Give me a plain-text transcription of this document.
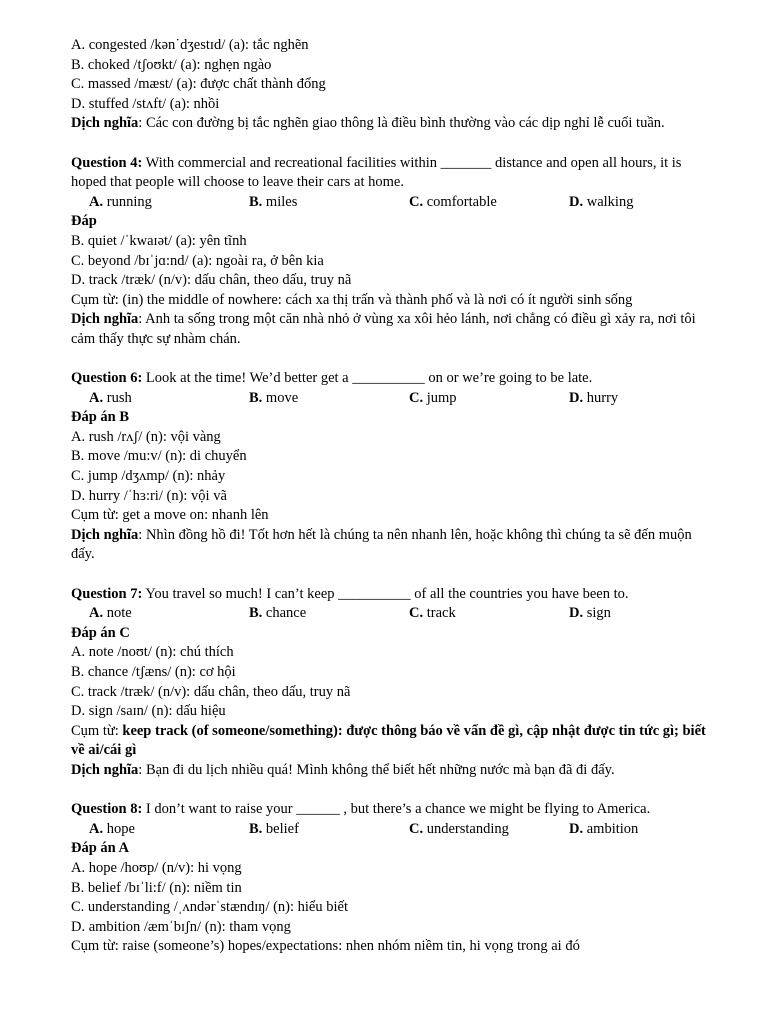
A. congested /kən˙dʒestɪd/ (a): tắc nghẽn
B. choked /tʃoʊkt/ (a): nghẹn ngào
C. massed /mæst/ (a): được chất thành đống
D. stuffed /stʌft/ (a): nhồi
Dịch nghĩa: Các con đường bị tắc nghẽn giao thông là điều bình thường vào các dịp nghỉ lễ cuối tuần.
Question 4: With commercial and recreational facilities within _______ distance and open all hours, it is hoped that people will choose to leave their cars at home.
A. running	B. miles	C. comfortable	D. walking
Đáp
B. quiet /ˈkwaɪət/ (a): yên tĩnh
C. beyond /bɪˈjɑ:nd/ (a): ngoài ra, ở bên kia
D. track /træk/ (n/v): dấu chân, theo dấu, truy nã
Cụm từ: (in) the middle of nowhere: cách xa thị trấn và thành phố và là nơi có ít người sinh sống
Dịch nghĩa: Anh ta sống trong một căn nhà nhỏ ở vùng xa xôi hẻo lánh, nơi chẳng có điều gì xảy ra, nơi tôi cảm thấy thực sự nhàm chán.
Question 6: Look at the time! We’d better get a __________ on or we’re going to be late.
A. rush	B. move	C. jump	D. hurry
Đáp án B
A. rush /rʌʃ/ (n): vội vàng
B. move /mu:v/ (n): di chuyển
C. jump /dʒʌmp/ (n): nhảy
D. hurry /ˈhɜ:ri/ (n): vội vã
Cụm từ: get a move on: nhanh lên
Dịch nghĩa: Nhìn đồng hồ đi! Tốt hơn hết là chúng ta nên nhanh lên, hoặc không thì chúng ta sẽ đến muộn đấy.
Question 7: You travel so much! I can’t keep __________ of all the countries you have been to.
A. note	B. chance	C. track	D. sign
Đáp án C
A. note /noʊt/ (n): chú thích
B. chance /tʃæns/ (n): cơ hội
C. track /træk/ (n/v): dấu chân, theo dấu, truy nã
D. sign /saɪn/ (n): dấu hiệu
Cụm từ: keep track (of someone/something): được thông báo về vấn đề gì, cập nhật được tin tức gì; biết về ai/cái gì
Dịch nghĩa: Bạn đi du lịch nhiều quá! Mình không thể biết hết những nước mà bạn đã đi đấy.
Question 8: I don’t want to raise your ______ , but there’s a chance we might be flying to America.
A. hope	B. belief	C. understanding	D. ambition
Đáp án A
A. hope /hoʊp/ (n/v): hi vọng
B. belief /bɪˈli:f/ (n): niềm tin
C. understanding /ˌʌndərˈstændɪŋ/ (n): hiểu biết
D. ambition /æmˈbɪʃn/ (n): tham vọng
Cụm từ: raise (someone’s) hopes/expectations: nhen nhóm niềm tin, hi vọng trong ai đó
